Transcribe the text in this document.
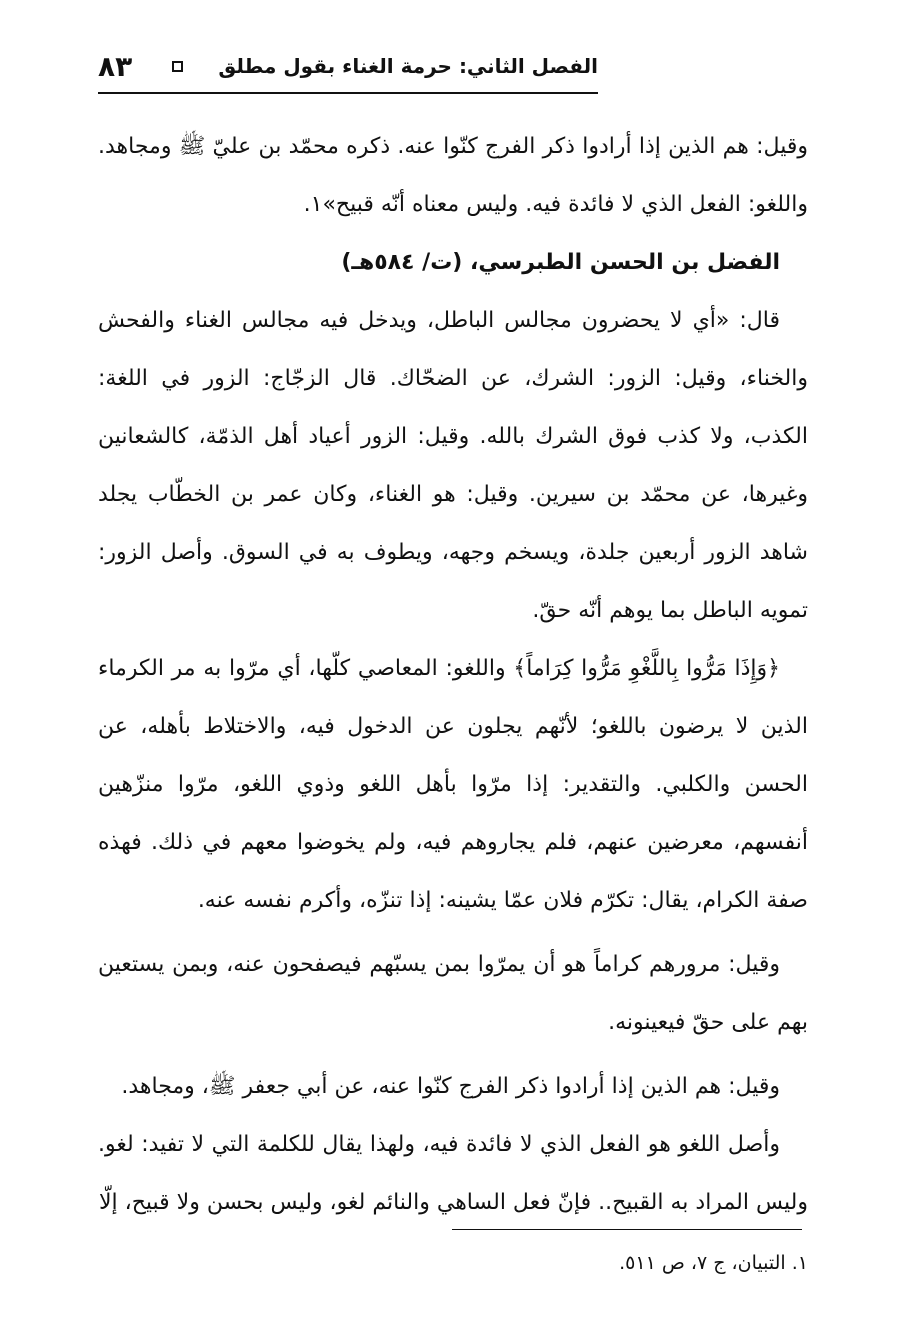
الفصل الثاني: حرمة الغناء بقول مطلق
٨٣

وقيل: هم الذين إذا أرادوا ذكر الفرج كنّوا عنه. ذكره محمّد بن عليّ ﷺ ومجاهد. واللغو: الفعل الذي لا فائدة فيه. وليس معناه أنّه قبيح»١.

الفضل بن الحسن الطبرسي، (ت/ ٥٨٤هـ)

قال: «أي لا يحضرون مجالس الباطل، ويدخل فيه مجالس الغناء والفحش والخناء، وقيل: الزور: الشرك، عن الضحّاك. قال الزجّاج: الزور في اللغة: الكذب، ولا كذب فوق الشرك بالله. وقيل: الزور أعياد أهل الذمّة، كالشعانين وغيرها، عن محمّد بن سيرين. وقيل: هو الغناء، وكان عمر بن الخطّاب يجلد شاهد الزور أربعين جلدة، ويسخم وجهه، ويطوف به في السوق. وأصل الزور: تمويه الباطل بما يوهم أنّه حقّ.

﴿وَإِذَا مَرُّوا بِاللَّغْوِ مَرُّوا كِرَاماً﴾ واللغو: المعاصي كلّها، أي مرّوا به مر الكرماء الذين لا يرضون باللغو؛ لأنّهم يجلون عن الدخول فيه، والاختلاط بأهله، عن الحسن والكلبي. والتقدير: إذا مرّوا بأهل اللغو وذوي اللغو، مرّوا منزّهين أنفسهم، معرضين عنهم، فلم يجاروهم فيه، ولم يخوضوا معهم في ذلك. فهذه صفة الكرام، يقال: تكرّم فلان عمّا يشينه: إذا تنزّه، وأكرم نفسه عنه.

وقيل: مرورهم كراماً هو أن يمرّوا بمن يسبّهم فيصفحون عنه، وبمن يستعين بهم على حقّ فيعينونه.

وقيل: هم الذين إذا أرادوا ذكر الفرج كنّوا عنه، عن أبي جعفر ﷺ، ومجاهد.

وأصل اللغو هو الفعل الذي لا فائدة فيه، ولهذا يقال للكلمة التي لا تفيد: لغو. وليس المراد به القبيح.. فإنّ فعل الساهي والنائم لغو، وليس بحسن ولا قبيح، إلّا

١. التبيان، ج ٧، ص ٥١١.
